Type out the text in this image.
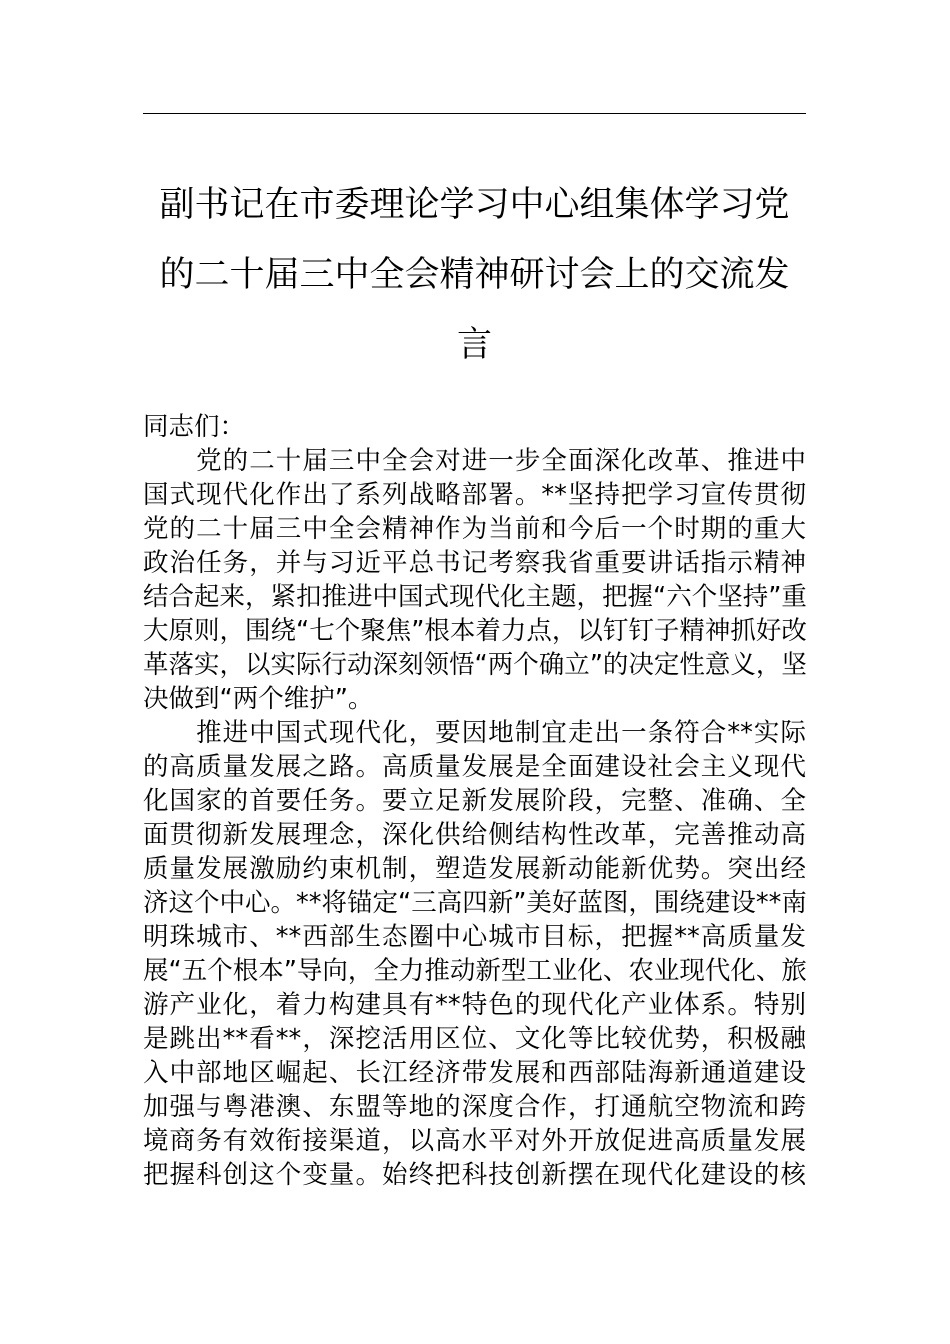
副书记在市委理论学习中心组集体学习党
的二十届三中全会精神研讨会上的交流发
言

同志们：

　　党的二十届三中全会对进一步全面深化改革、推进中
国式现代化作出了系列战略部署。**坚持把学习宣传贯彻
党的二十届三中全会精神作为当前和今后一个时期的重大
政治任务，并与习近平总书记考察我省重要讲话指示精神
结合起来，紧扣推进中国式现代化主题，把握“六个坚持”重
大原则，围绕“七个聚焦”根本着力点，以钉钉子精神抓好改
革落实，以实际行动深刻领悟“两个确立”的决定性意义，坚
决做到“两个维护”。

　　推进中国式现代化，要因地制宜走出一条符合**实际
的高质量发展之路。高质量发展是全面建设社会主义现代
化国家的首要任务。要立足新发展阶段，完整、准确、全
面贯彻新发展理念，深化供给侧结构性改革，完善推动高
质量发展激励约束机制，塑造发展新动能新优势。突出经
济这个中心。**将锚定“三高四新”美好蓝图，围绕建设**南
明珠城市、**西部生态圈中心城市目标，把握**高质量发
展“五个根本”导向，全力推动新型工业化、农业现代化、旅
游产业化，着力构建具有**特色的现代化产业体系。特别
是跳出**看**，深挖活用区位、文化等比较优势，积极融
入中部地区崛起、长江经济带发展和西部陆海新通道建设
加强与粤港澳、东盟等地的深度合作，打通航空物流和跨
境商务有效衔接渠道，以高水平对外开放促进高质量发展
把握科创这个变量。始终把科技创新摆在现代化建设的核
